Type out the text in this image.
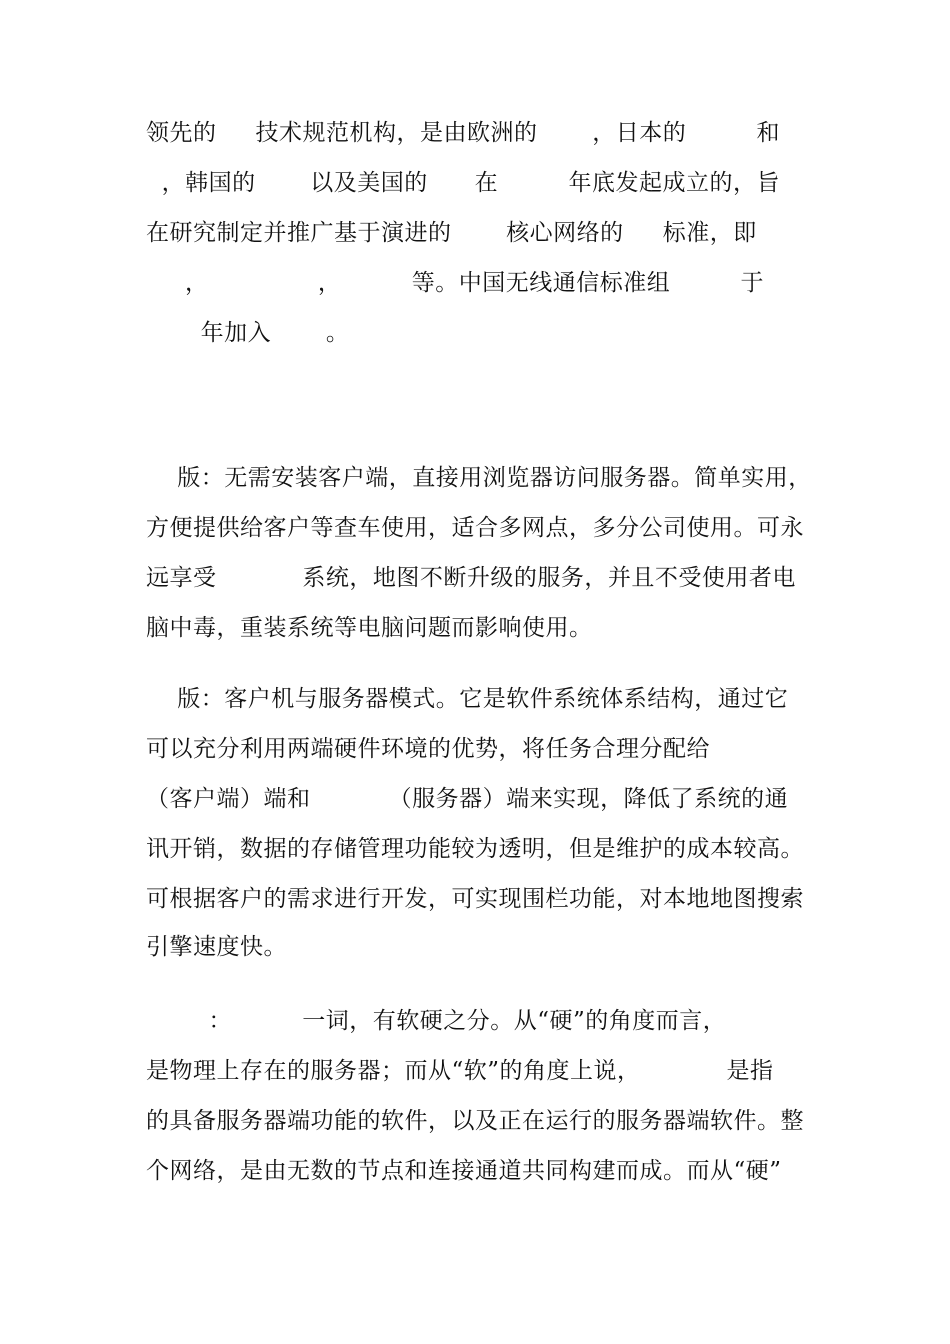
领先的     技术规范机构，是由欧洲的       ，日本的         和
，韩国的       以及美国的      在         年底发起成立的，旨
在研究制定并推广基于演进的       核心网络的     标准，即
，              ，         等。中国无线通信标准组         于
年加入       。
版：无需安装客户端，直接用浏览器访问服务器。简单实用，
方便提供给客户等查车使用，适合多网点，多分公司使用。可永
远享受           系统，地图不断升级的服务，并且不受使用者电
脑中毒，重装系统等电脑问题而影响使用。
版：客户机与服务器模式。它是软件系统体系结构，通过它
可以充分利用两端硬件环境的优势，将任务合理分配给
（客户端）端和          （服务器）端来实现，降低了系统的通
讯开销，数据的存储管理功能较为透明，但是维护的成本较高。
可根据客户的需求进行开发，可实现围栏功能，对本地地图搜索
引擎速度快。
：         一词，有软硬之分。从“硬”的角度而言，
是物理上存在的服务器；而从“软”的角度上说，           是指
的具备服务器端功能的软件，以及正在运行的服务器端软件。整
个网络，是由无数的节点和连接通道共同构建而成。而从“硬”
